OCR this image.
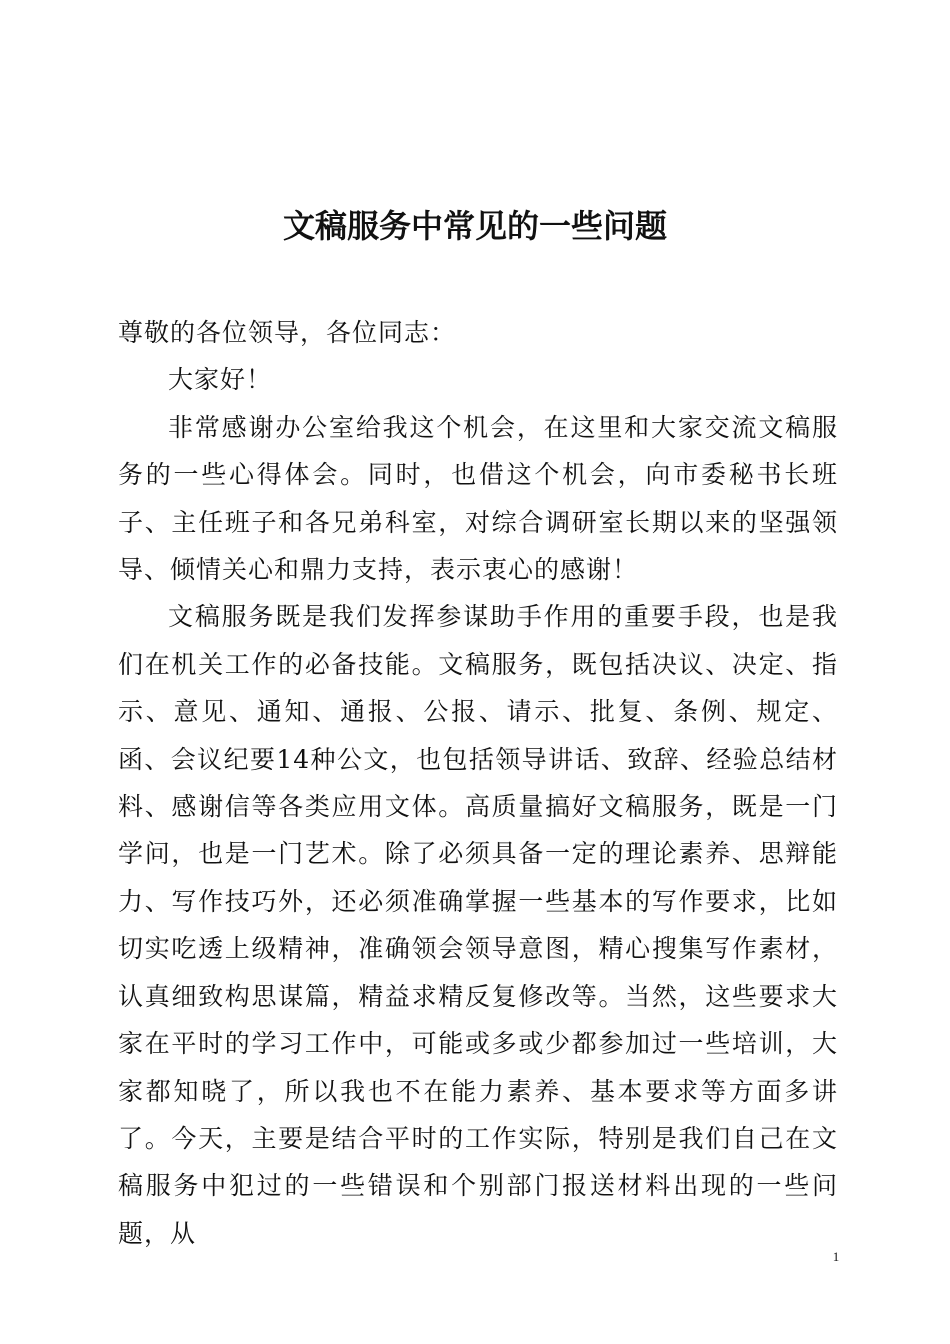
文稿服务中常见的一些问题

尊敬的各位领导，各位同志：

大家好！

非常感谢办公室给我这个机会，在这里和大家交流文稿服务的一些心得体会。同时，也借这个机会，向市委秘书长班子、主任班子和各兄弟科室，对综合调研室长期以来的坚强领导、倾情关心和鼎力支持，表示衷心的感谢！

文稿服务既是我们发挥参谋助手作用的重要手段，也是我们在机关工作的必备技能。文稿服务，既包括决议、决定、指示、意见、通知、通报、公报、请示、批复、条例、规定、函、会议纪要14种公文，也包括领导讲话、致辞、经验总结材料、感谢信等各类应用文体。高质量搞好文稿服务，既是一门学问，也是一门艺术。除了必须具备一定的理论素养、思辩能力、写作技巧外，还必须准确掌握一些基本的写作要求，比如切实吃透上级精神，准确领会领导意图，精心搜集写作素材，认真细致构思谋篇，精益求精反复修改等。当然，这些要求大家在平时的学习工作中，可能或多或少都参加过一些培训，大家都知晓了，所以我也不在能力素养、基本要求等方面多讲了。今天，主要是结合平时的工作实际，特别是我们自己在文稿服务中犯过的一些错误和个别部门报送材料出现的一些问题，从

1
